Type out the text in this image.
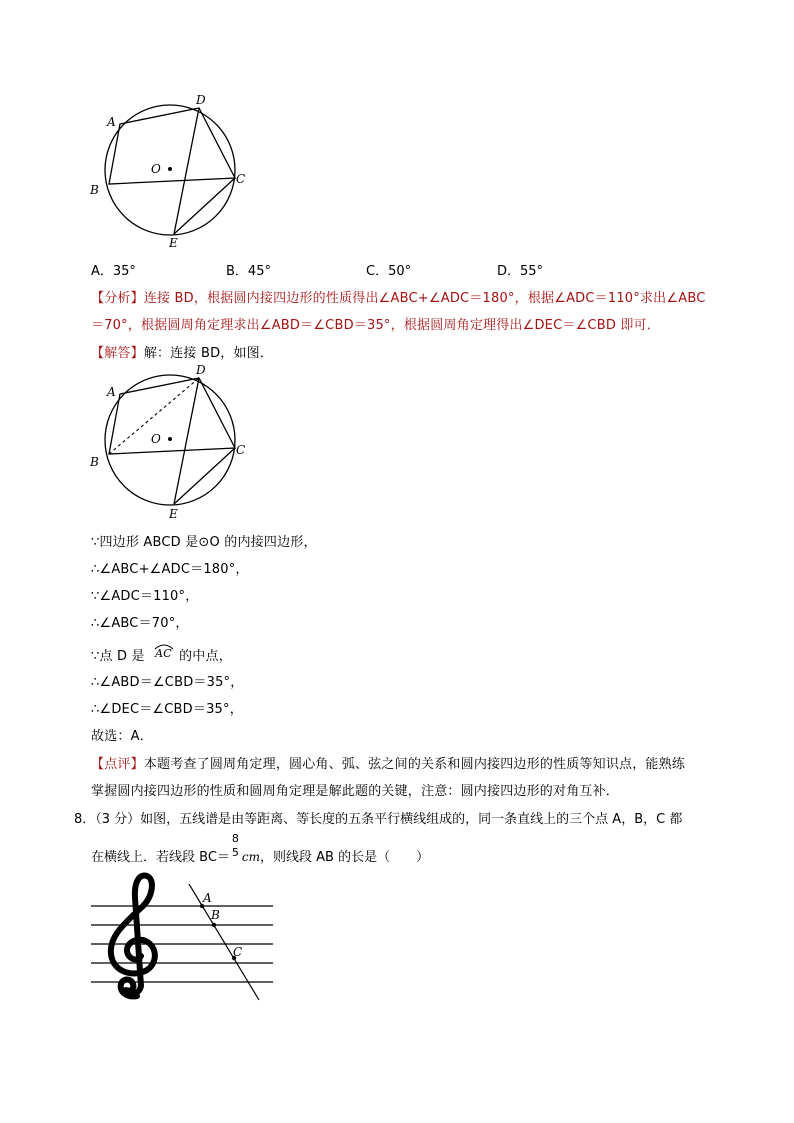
A
D
O
B
C
E
A．35°	B．45°	C．50°	D．55°
【分析】连接 BD，根据圆内接四边形的性质得出∠ABC+∠ADC＝180°，根据∠ADC＝110°求出∠ABC
＝70°，根据圆周角定理求出∠ABD＝∠CBD＝35°，根据圆周角定理得出∠DEC＝∠CBD 即可．
【解答】解：连接 BD，如图．
A
D
O
B
C
E
∵四边形 ABCD 是⊙O 的内接四边形，
∴∠ABC+∠ADC＝180°，
∵∠ADC＝110°，
∴∠ABC＝70°，
∵点 D 是 $^{AC}$ 的中点，
∴∠ABD＝∠CBD＝35°，
∴∠DEC＝∠CBD＝35°，
故选：A．
【点评】本题考查了圆周角定理，圆心角、弧、弦之间的关系和圆内接四边形的性质等知识点，能熟练
掌握圆内接四边形的性质和圆周角定理是解此题的关键，注意：圆内接四边形的对角互补．
8．（3 分）如图，五线谱是由等距离、等长度的五条平行横线组成的，同一条直线上的三个点 A，B，C 都
在横线上．若线段 BC＝
8
5 cm，则线段 AB 的长是（　　）
A
B
C
